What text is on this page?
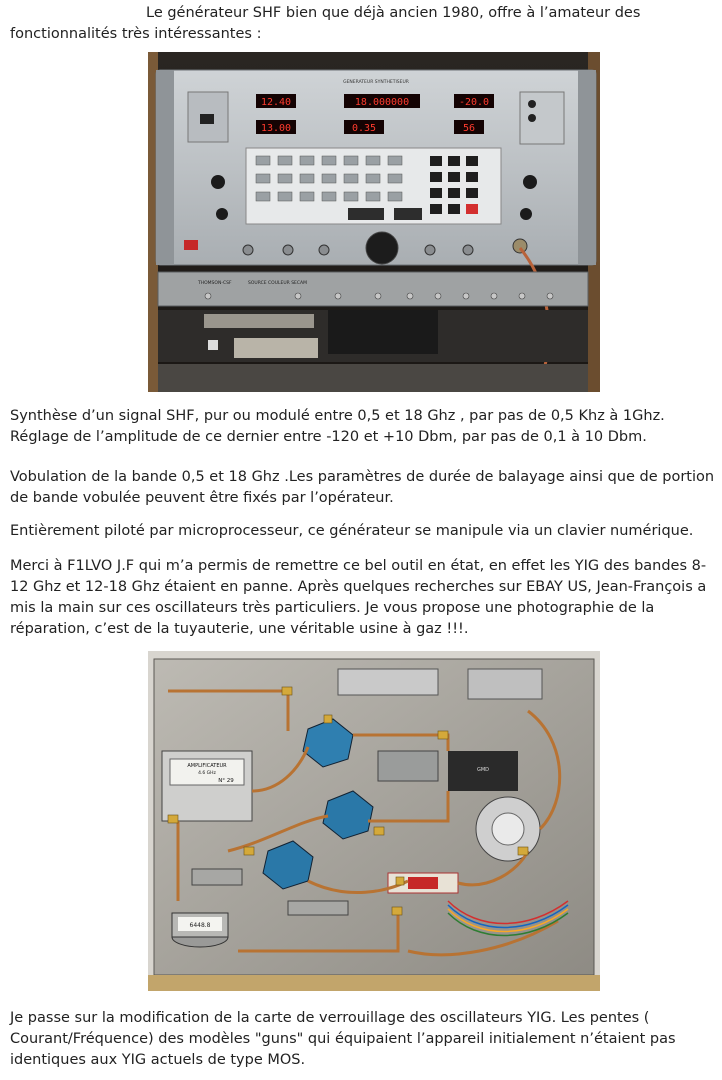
Le générateur SHF bien que déjà ancien 1980, offre à l’amateur des fonctionnalités très intéressantes :

GENERATEUR SYNTHETISEUR
12.40	18.000000	-20.0
13.00	0.35	56
THOMSON-CSF	SOURCE COULEUR SECAM

Synthèse d’un signal SHF, pur ou modulé entre 0,5 et 18 Ghz , par pas de 0,5 Khz à 1Ghz. Réglage de l’amplitude de ce dernier entre -120 et +10 Dbm, par pas de 0,1 à 10 Dbm.

Vobulation de la bande 0,5 et 18 Ghz .Les paramètres de durée de balayage ainsi que de portion de bande vobulée peuvent être fixés par l’opérateur.

Entièrement piloté par microprocesseur, ce générateur se manipule via un clavier numérique.

Merci à F1LVO J.F qui m’a permis de remettre ce bel outil en état, en effet les YIG des bandes 8-12 Ghz et 12-18 Ghz étaient en panne. Après quelques recherches sur EBAY US, Jean-François a mis la main sur ces oscillateurs très particuliers. Je vous propose une photographie de la réparation, c’est de la tuyauterie, une véritable usine à gaz !!!.

AMPLIFICATEUR
4.6 GHz
N° 29
GMD
6448.8

Je passe sur la modification de la carte de verrouillage des oscillateurs YIG. Les pentes ( Courant/Fréquence) des modèles "guns" qui équipaient l’appareil initialement n’étaient pas identiques aux YIG actuels de type MOS.
